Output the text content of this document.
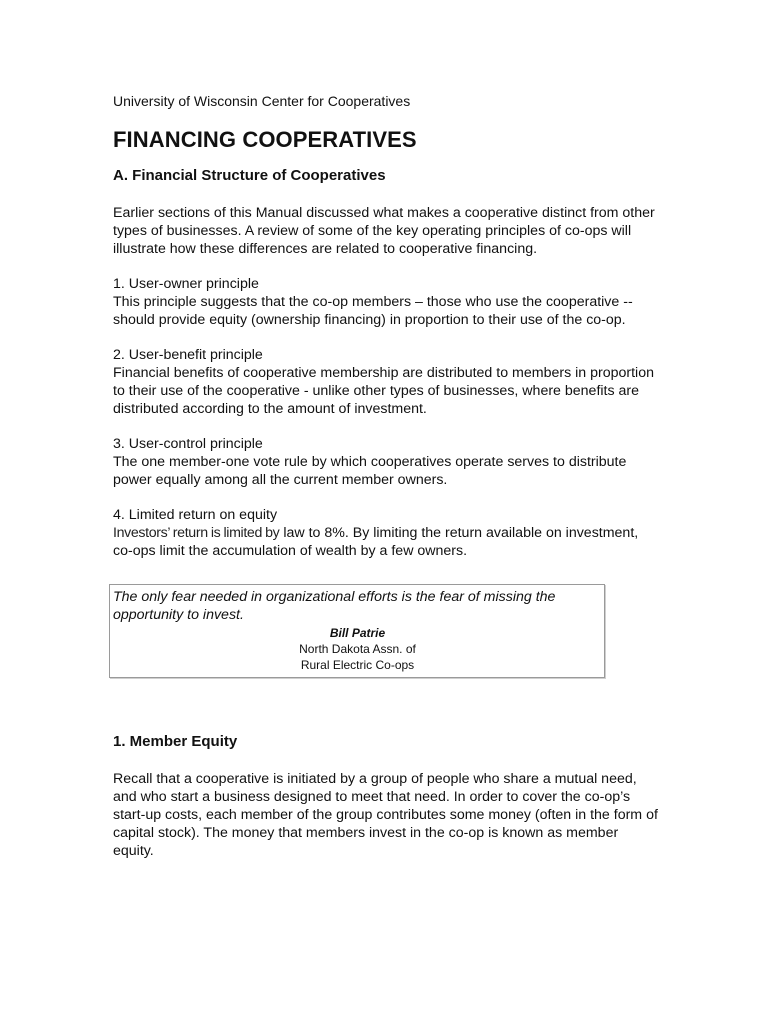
University of Wisconsin Center for Cooperatives
FINANCING COOPERATIVES
A. Financial Structure of Cooperatives
Earlier sections of this Manual discussed what makes a cooperative distinct from other types of businesses. A review of some of the key operating principles of co-ops will illustrate how these differences are related to cooperative financing.
1. User-owner principle
This principle suggests that the co-op members – those who use the cooperative -- should provide equity (ownership financing) in proportion to their use of the co-op.
2. User-benefit principle
Financial benefits of cooperative membership are distributed to members in proportion to their use of the cooperative - unlike other types of businesses, where benefits are distributed according to the amount of investment.
3. User-control principle
The one member-one vote rule by which cooperatives operate serves to distribute power equally among all the current member owners.
4. Limited return on equity
Investors’ return is limited by law to 8%. By limiting the return available on investment, co-ops limit the accumulation of wealth by a few owners.

The only fear needed in organizational efforts is the fear of missing the opportunity to invest.

Bill Patrie
North Dakota Assn. of
Rural Electric Co-ops
1. Member Equity
Recall that a cooperative is initiated by a group of people who share a mutual need, and who start a business designed to meet that need. In order to cover the co-op’s start-up costs, each member of the group contributes some money (often in the form of capital stock). The money that members invest in the co-op is known as member equity.
